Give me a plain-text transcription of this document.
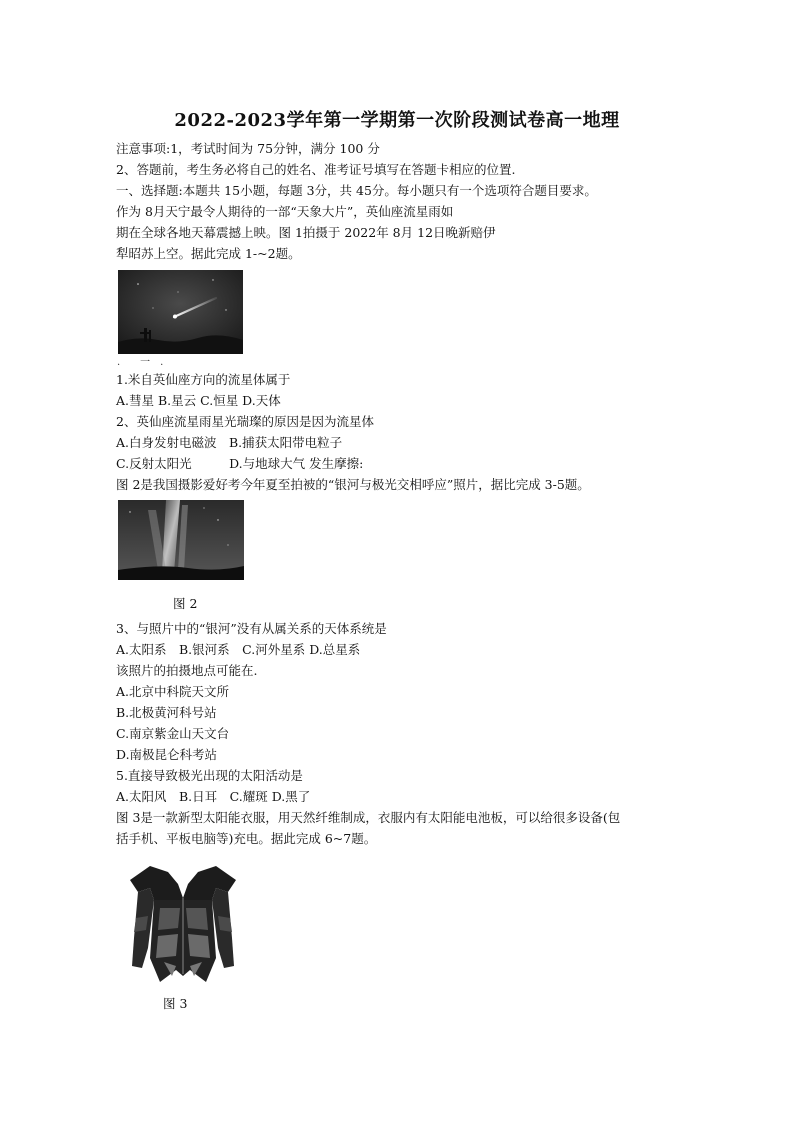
2022-2023学年第一学期第一次阶段测试卷高一地理
注意事项:1，考试时间为 75分钟，满分 100 分
2、答题前，考生务必将自己的姓名、准考证号填写在答题卡相应的位置.
一、选择题:本题共 15小题，每题 3分，共 45分。每小题只有一个选项符合题目要求。
作为 8月天宁最令人期待的一部“天象大片”，英仙座流星雨如
期在全球各地天幕震撼上映。图 1拍摄于 2022年 8月 12日晚新赔伊
犁昭苏上空。据此完成 1-~2题。
.　　一　.
1.米自英仙座方向的流星体属于
A.彗星 B.星云 C.恒星 D.天体
2、英仙座流星雨星光瑞璨的原因是因为流星体
A.白身发射电磁波　B.捕获太阳带电粒子
C.反射太阳光　　　D.与地球大气 发生摩擦:
图 2是我国摄影爱好考今年夏至拍被的“银河与极光交相呼应”照片，据比完成 3-5题。
图 2
3、与照片中的“银河”没有从属关系的天体系统是
A.太阳系　B.银河系　C.河外星系 D.总星系
该照片的拍摄地点可能在.
A.北京中科院天文所
B.北极黄河科号站
C.南京紫金山天文台
D.南极昆仑科考站
5.直接导致极光出现的太阳活动是
A.太阳风　B.日耳　C.耀斑 D.黑了
图 3是一款新型太阳能衣服，用天然纤维制成，衣服内有太阳能电池板，可以给很多设备(包
括手机、平板电脑等)充电。据此完成 6~7题。
图 3
